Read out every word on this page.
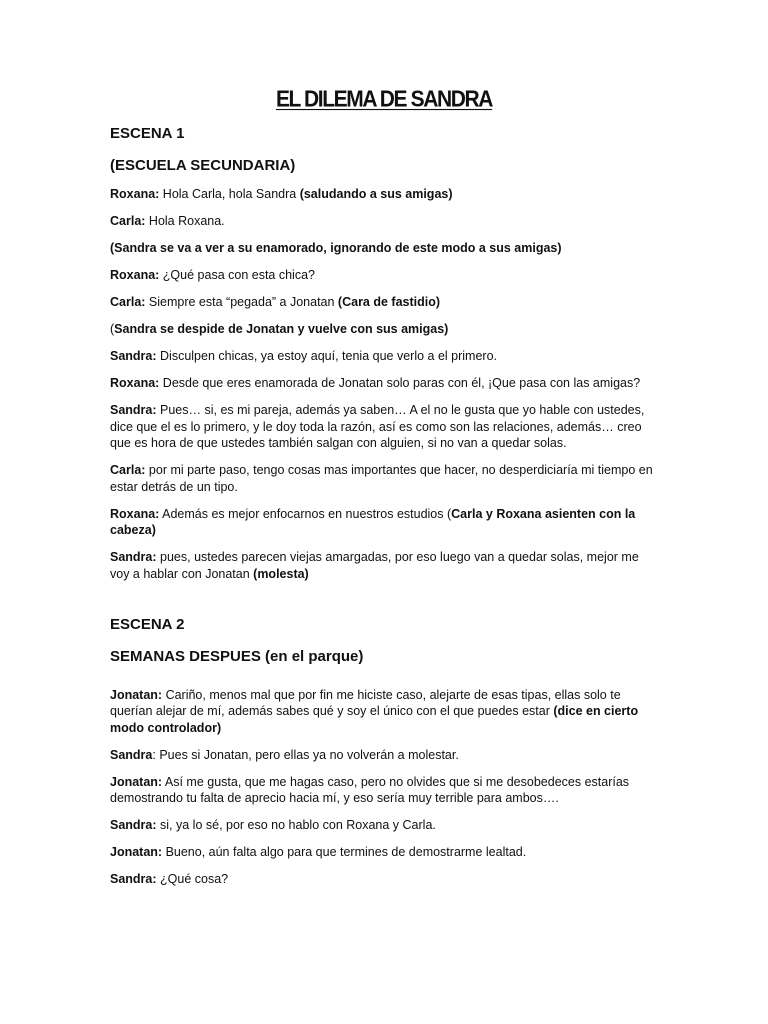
EL DILEMA DE SANDRA
ESCENA 1
(ESCUELA SECUNDARIA)

Roxana: Hola Carla, hola Sandra (saludando a sus amigas)

Carla: Hola Roxana.

(Sandra se va a ver a su enamorado, ignorando de este modo a sus amigas)

Roxana: ¿Qué pasa con esta chica?

Carla: Siempre esta “pegada” a Jonatan (Cara de fastidio)

(Sandra se despide de Jonatan y vuelve con sus amigas)

Sandra: Disculpen chicas, ya estoy aquí, tenia que verlo a el primero.

Roxana: Desde que eres enamorada de Jonatan solo paras con él, ¡Que pasa con las amigas?

Sandra: Pues… si, es mi pareja, además ya saben… A el no le gusta que yo hable con ustedes, dice que el es lo primero, y le doy toda la razón, así es como son las relaciones, además… creo que es hora de que ustedes también salgan con alguien, si no van a quedar solas.

Carla: por mi parte paso, tengo cosas mas importantes que hacer, no desperdiciaría mi tiempo en estar detrás de un tipo.

Roxana: Además es mejor enfocarnos en nuestros estudios (Carla y Roxana asienten con la cabeza)

Sandra: pues, ustedes parecen viejas amargadas, por eso luego van a quedar solas, mejor me voy a hablar con Jonatan (molesta)

ESCENA 2
SEMANAS DESPUES (en el parque)

Jonatan: Cariño, menos mal que por fin me hiciste caso, alejarte de esas tipas, ellas solo te querían alejar de mí, además sabes qué y soy el único con el que puedes estar (dice en cierto modo controlador)

Sandra: Pues si Jonatan, pero ellas ya no volverán a molestar.

Jonatan: Así me gusta, que me hagas caso, pero no olvides que si me desobedeces estarías demostrando tu falta de aprecio hacia mí, y eso sería muy terrible para ambos….

Sandra: si, ya lo sé, por eso no hablo con Roxana y Carla.

Jonatan: Bueno, aún falta algo para que termines de demostrarme lealtad.

Sandra: ¿Qué cosa?
